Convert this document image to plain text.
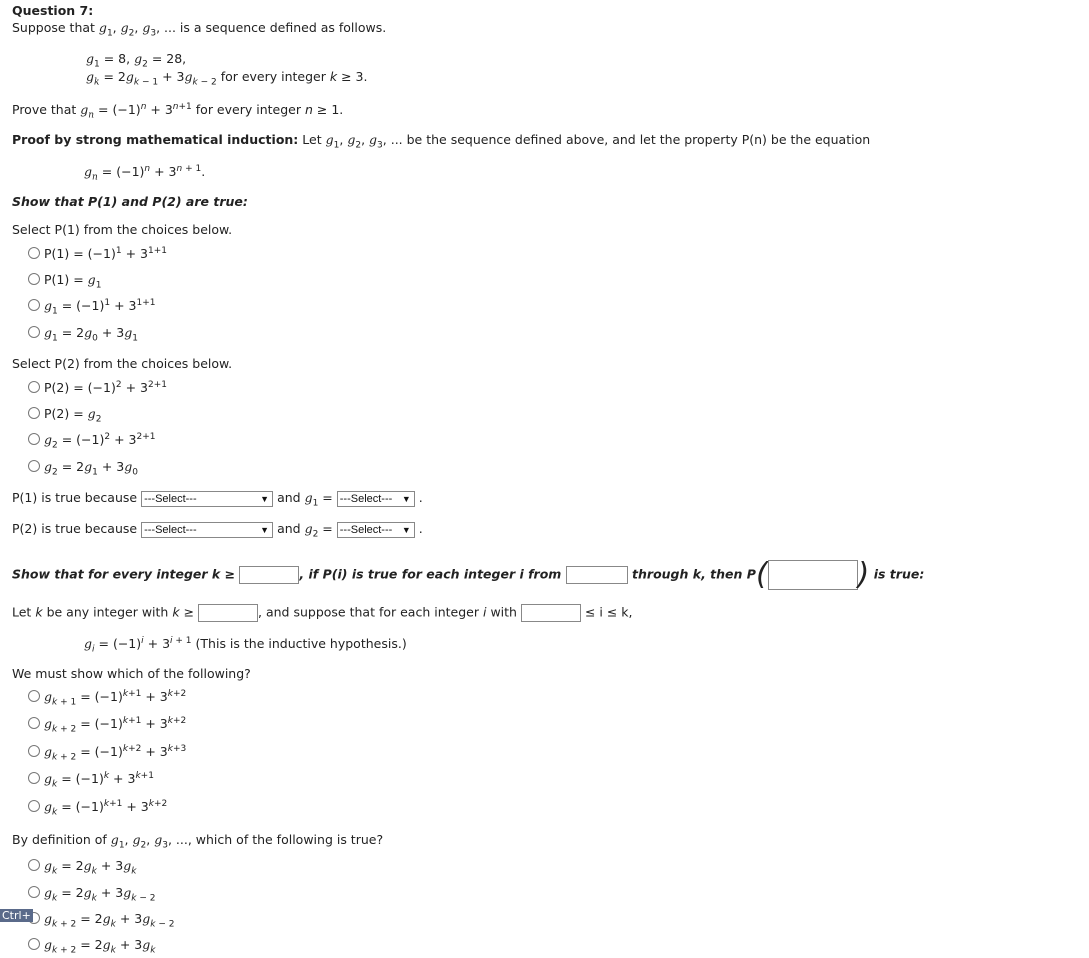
Question 7:
Suppose that $g_1$, $g_2$, $g_3$, ... is a sequence defined as follows.
$g_1 = 8$, $g_2 = 28$,
$g_k = 2g_{k - 1} + 3g_{k - 2}$ for every integer k ≥ 3.
Prove that $g_n = (-1)^n + 3^{n+1}$ for every integer n ≥ 1.
Proof by strong mathematical induction: Let $g_1$, $g_2$, $g_3$, ... be the sequence defined above, and let the property P(n) be the equation
$g_n = (-1)^n + 3^{n + 1}$.
Show that P(1) and P(2) are true:
Select P(1) from the choices below.
$P(1) = (-1)^1 + 3^{1+1}$
$P(1) = g_1$
$g_1 = (-1)^1 + 3^{1+1}$
$g_1 = 2g_0 + 3g_1$
Select P(2) from the choices below.
$P(2) = (-1)^2 + 3^{2+1}$
$P(2) = g_2$
$g_2 = (-1)^2 + 3^{2+1}$
$g_2 = 2g_1 + 3g_0$
P(1) is true because ---Select---	▼ and $g_1$ = ---Select--- ▼ .
P(2) is true because ---Select---	▼ and $g_2$ = ---Select--- ▼ .
Show that for every integer k ≥	, if P(i) is true for each integer i from	through k, then P(	) is true:
Let k be any integer with k ≥	, and suppose that for each integer i with	≤ i ≤ k,
$g_i = (-1)^i + 3^{i + 1}$ (This is the inductive hypothesis.)
We must show which of the following?
$g_{k + 1} = (-1)^{k+1} + 3^{k+2}$
$g_{k + 2} = (-1)^{k+1} + 3^{k+2}$
$g_{k + 2} = (-1)^{k+2} + 3^{k+3}$
$g_k = (-1)^k + 3^{k+1}$
$g_k = (-1)^{k+1} + 3^{k+2}$
By definition of $g_1$, $g_2$, $g_3$, ..., which of the following is true?
$g_k = 2g_k + 3g_k$
$g_k = 2g_k + 3g_{k - 2}$
$g_{k + 2} = 2g_k + 3g_{k - 2}$
$g_{k + 2} = 2g_k + 3g_k$
Ctrl+
